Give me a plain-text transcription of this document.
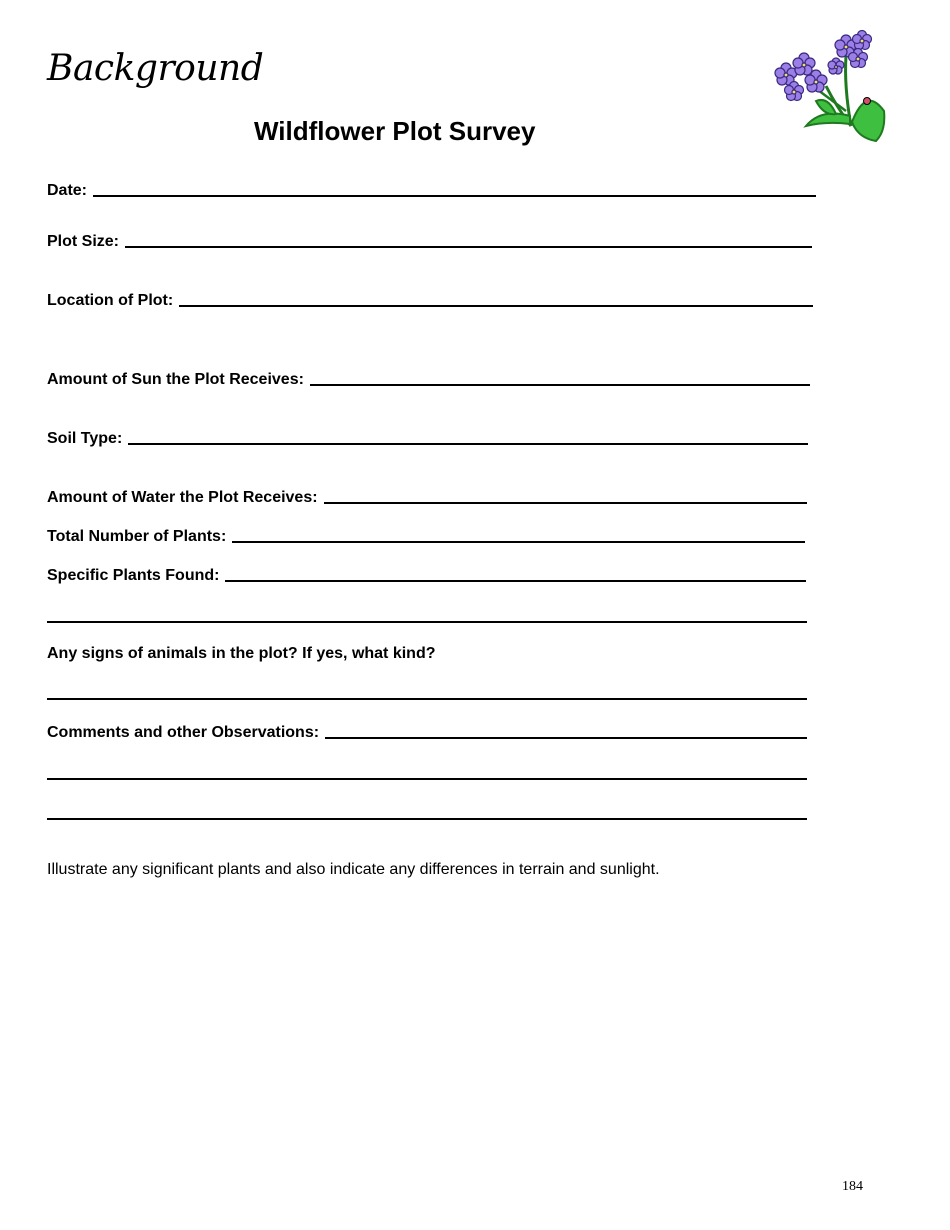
Background
Wildflower Plot Survey
Date:
Plot Size:
Location of Plot:
Amount of Sun the Plot Receives:
Soil Type:
Amount of Water the Plot Receives:
Total Number of Plants:
Specific Plants Found:
Any signs of animals in the plot? If yes, what kind?
Comments and other Observations:
Illustrate any significant plants and also indicate any differences in terrain and sunlight.
184
